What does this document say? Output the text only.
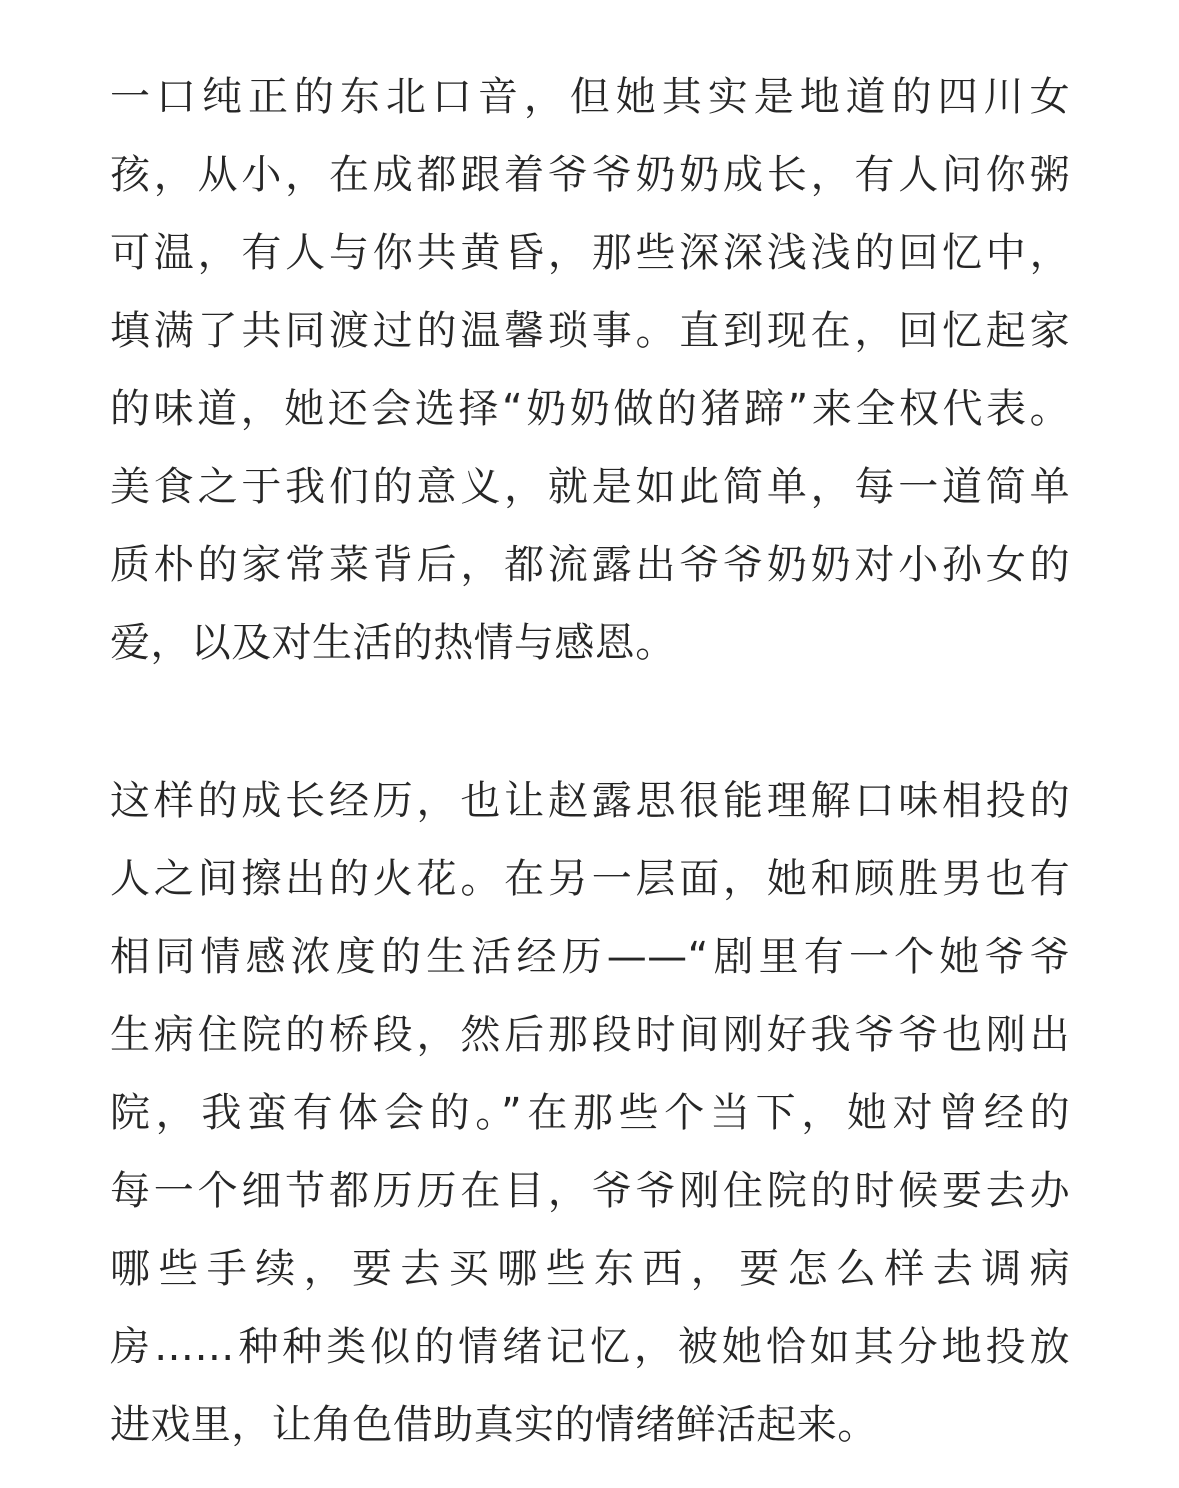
一口纯正的东北口音，但她其实是地道的四川女
孩，从小，在成都跟着爷爷奶奶成长，有人问你粥
可温，有人与你共黄昏，那些深深浅浅的回忆中，
填满了共同渡过的温馨琐事。直到现在，回忆起家
的味道，她还会选择“奶奶做的猪蹄”来全权代表。
美食之于我们的意义，就是如此简单，每一道简单
质朴的家常菜背后，都流露出爷爷奶奶对小孙女的
爱，以及对生活的热情与感恩。
这样的成长经历，也让赵露思很能理解口味相投的
人之间擦出的火花。在另一层面，她和顾胜男也有
相同情感浓度的生活经历——“剧里有一个她爷爷
生病住院的桥段，然后那段时间刚好我爷爷也刚出
院，我蛮有体会的。”在那些个当下，她对曾经的
每一个细节都历历在目，爷爷刚住院的时候要去办
哪些手续，要去买哪些东西，要怎么样去调病
房……种种类似的情绪记忆，被她恰如其分地投放
进戏里，让角色借助真实的情绪鲜活起来。
